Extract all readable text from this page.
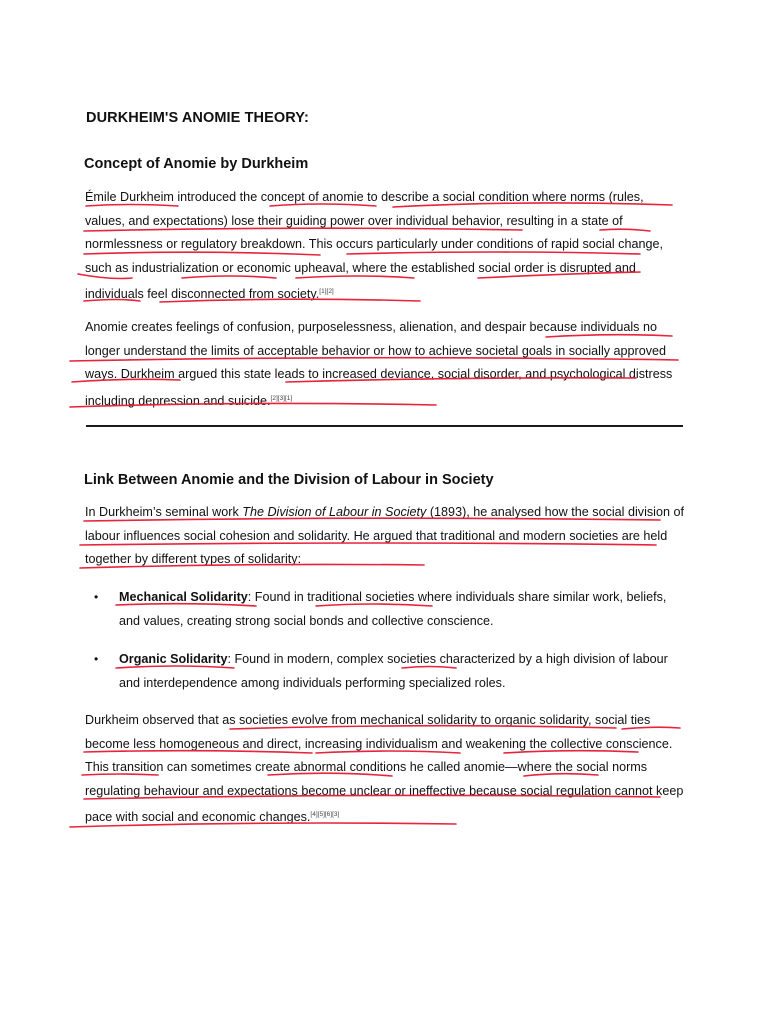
DURKHEIM'S ANOMIE THEORY:
Concept of Anomie by Durkheim

Émile Durkheim introduced the concept of anomie to describe a social condition where norms (rules, values, and expectations) lose their guiding power over individual behavior, resulting in a state of normlessness or regulatory breakdown. This occurs particularly under conditions of rapid social change, such as industrialization or economic upheaval, where the established social order is disrupted and individuals feel disconnected from society.[1][2]

Anomie creates feelings of confusion, purposelessness, alienation, and despair because individuals no longer understand the limits of acceptable behavior or how to achieve societal goals in socially approved ways. Durkheim argued this state leads to increased deviance, social disorder, and psychological distress including depression and suicide.[2][3][1]

Link Between Anomie and the Division of Labour in Society

In Durkheim’s seminal work The Division of Labour in Society (1893), he analysed how the social division of labour influences social cohesion and solidarity. He argued that traditional and modern societies are held together by different types of solidarity:

• Mechanical Solidarity: Found in traditional societies where individuals share similar work, beliefs, and values, creating strong social bonds and collective conscience.
• Organic Solidarity: Found in modern, complex societies characterized by a high division of labour and interdependence among individuals performing specialized roles.

Durkheim observed that as societies evolve from mechanical solidarity to organic solidarity, social ties become less homogeneous and direct, increasing individualism and weakening the collective conscience. This transition can sometimes create abnormal conditions he called anomie—where the social norms regulating behaviour and expectations become unclear or ineffective because social regulation cannot keep pace with social and economic changes.[4][5][6][3]
